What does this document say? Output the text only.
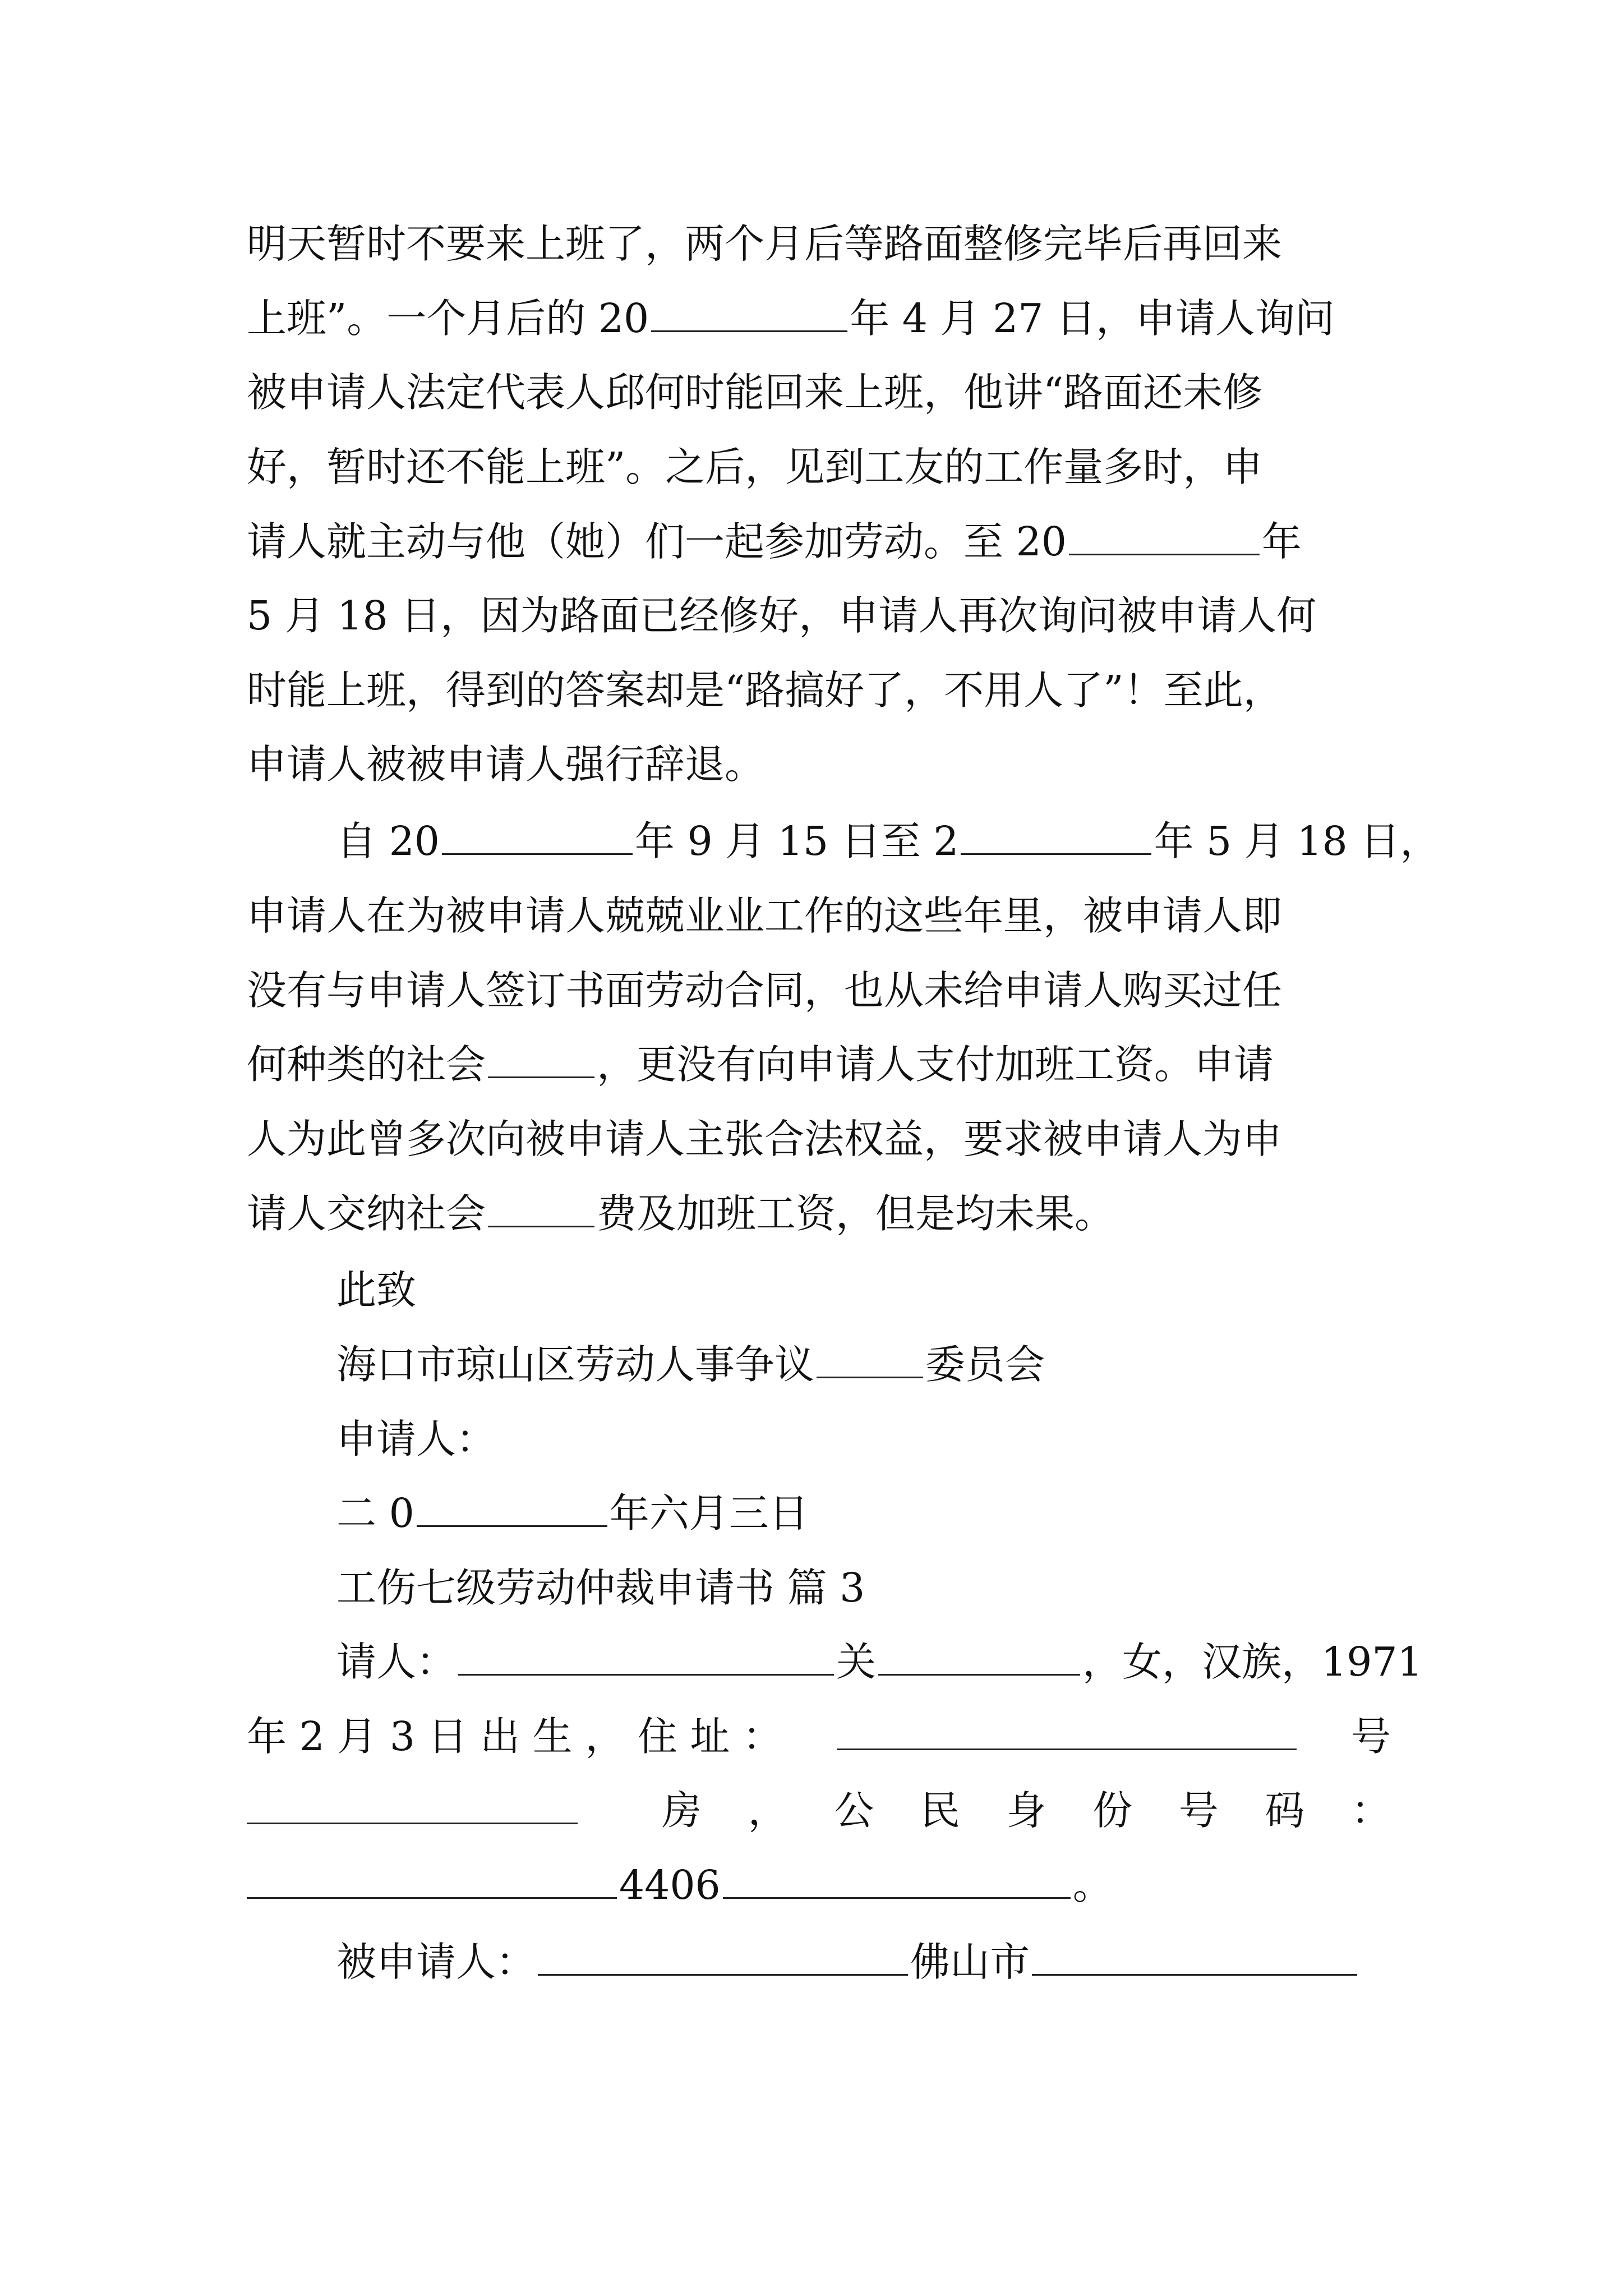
明天暂时不要来上班了，两个月后等路面整修完毕后再回来
上班”。一个月后的 20	年 4 月 27 日，申请人询问
被申请人法定代表人邱何时能回来上班，他讲“路面还未修
好，暂时还不能上班”。之后，见到工友的工作量多时，申
请人就主动与他（她）们一起参加劳动。至 20	年
5 月 18 日，因为路面已经修好，申请人再次询问被申请人何
时能上班，得到的答案却是“路搞好了，不用人了”！至此，
申请人被被申请人强行辞退。
自 20	年 9 月 15 日至 2	年 5 月 18 日，
申请人在为被申请人兢兢业业工作的这些年里，被申请人即
没有与申请人签订书面劳动合同，也从未给申请人购买过任
何种类的社会	，更没有向申请人支付加班工资。申请
人为此曾多次向被申请人主张合法权益，要求被申请人为申
请人交纳社会	费及加班工资，但是均未果。
此致
海口市琼山区劳动人事争议	委员会
申请人：
二 0	年六月三日
工伤七级劳动仲裁申请书 篇 3
请人：	关	，女，汉族，1971
年 2 月 3 日 出 生 ， 住 址 ：	号
房 ， 公 民 身 份 号 码 ：
4406	。
被申请人：	佛山市
